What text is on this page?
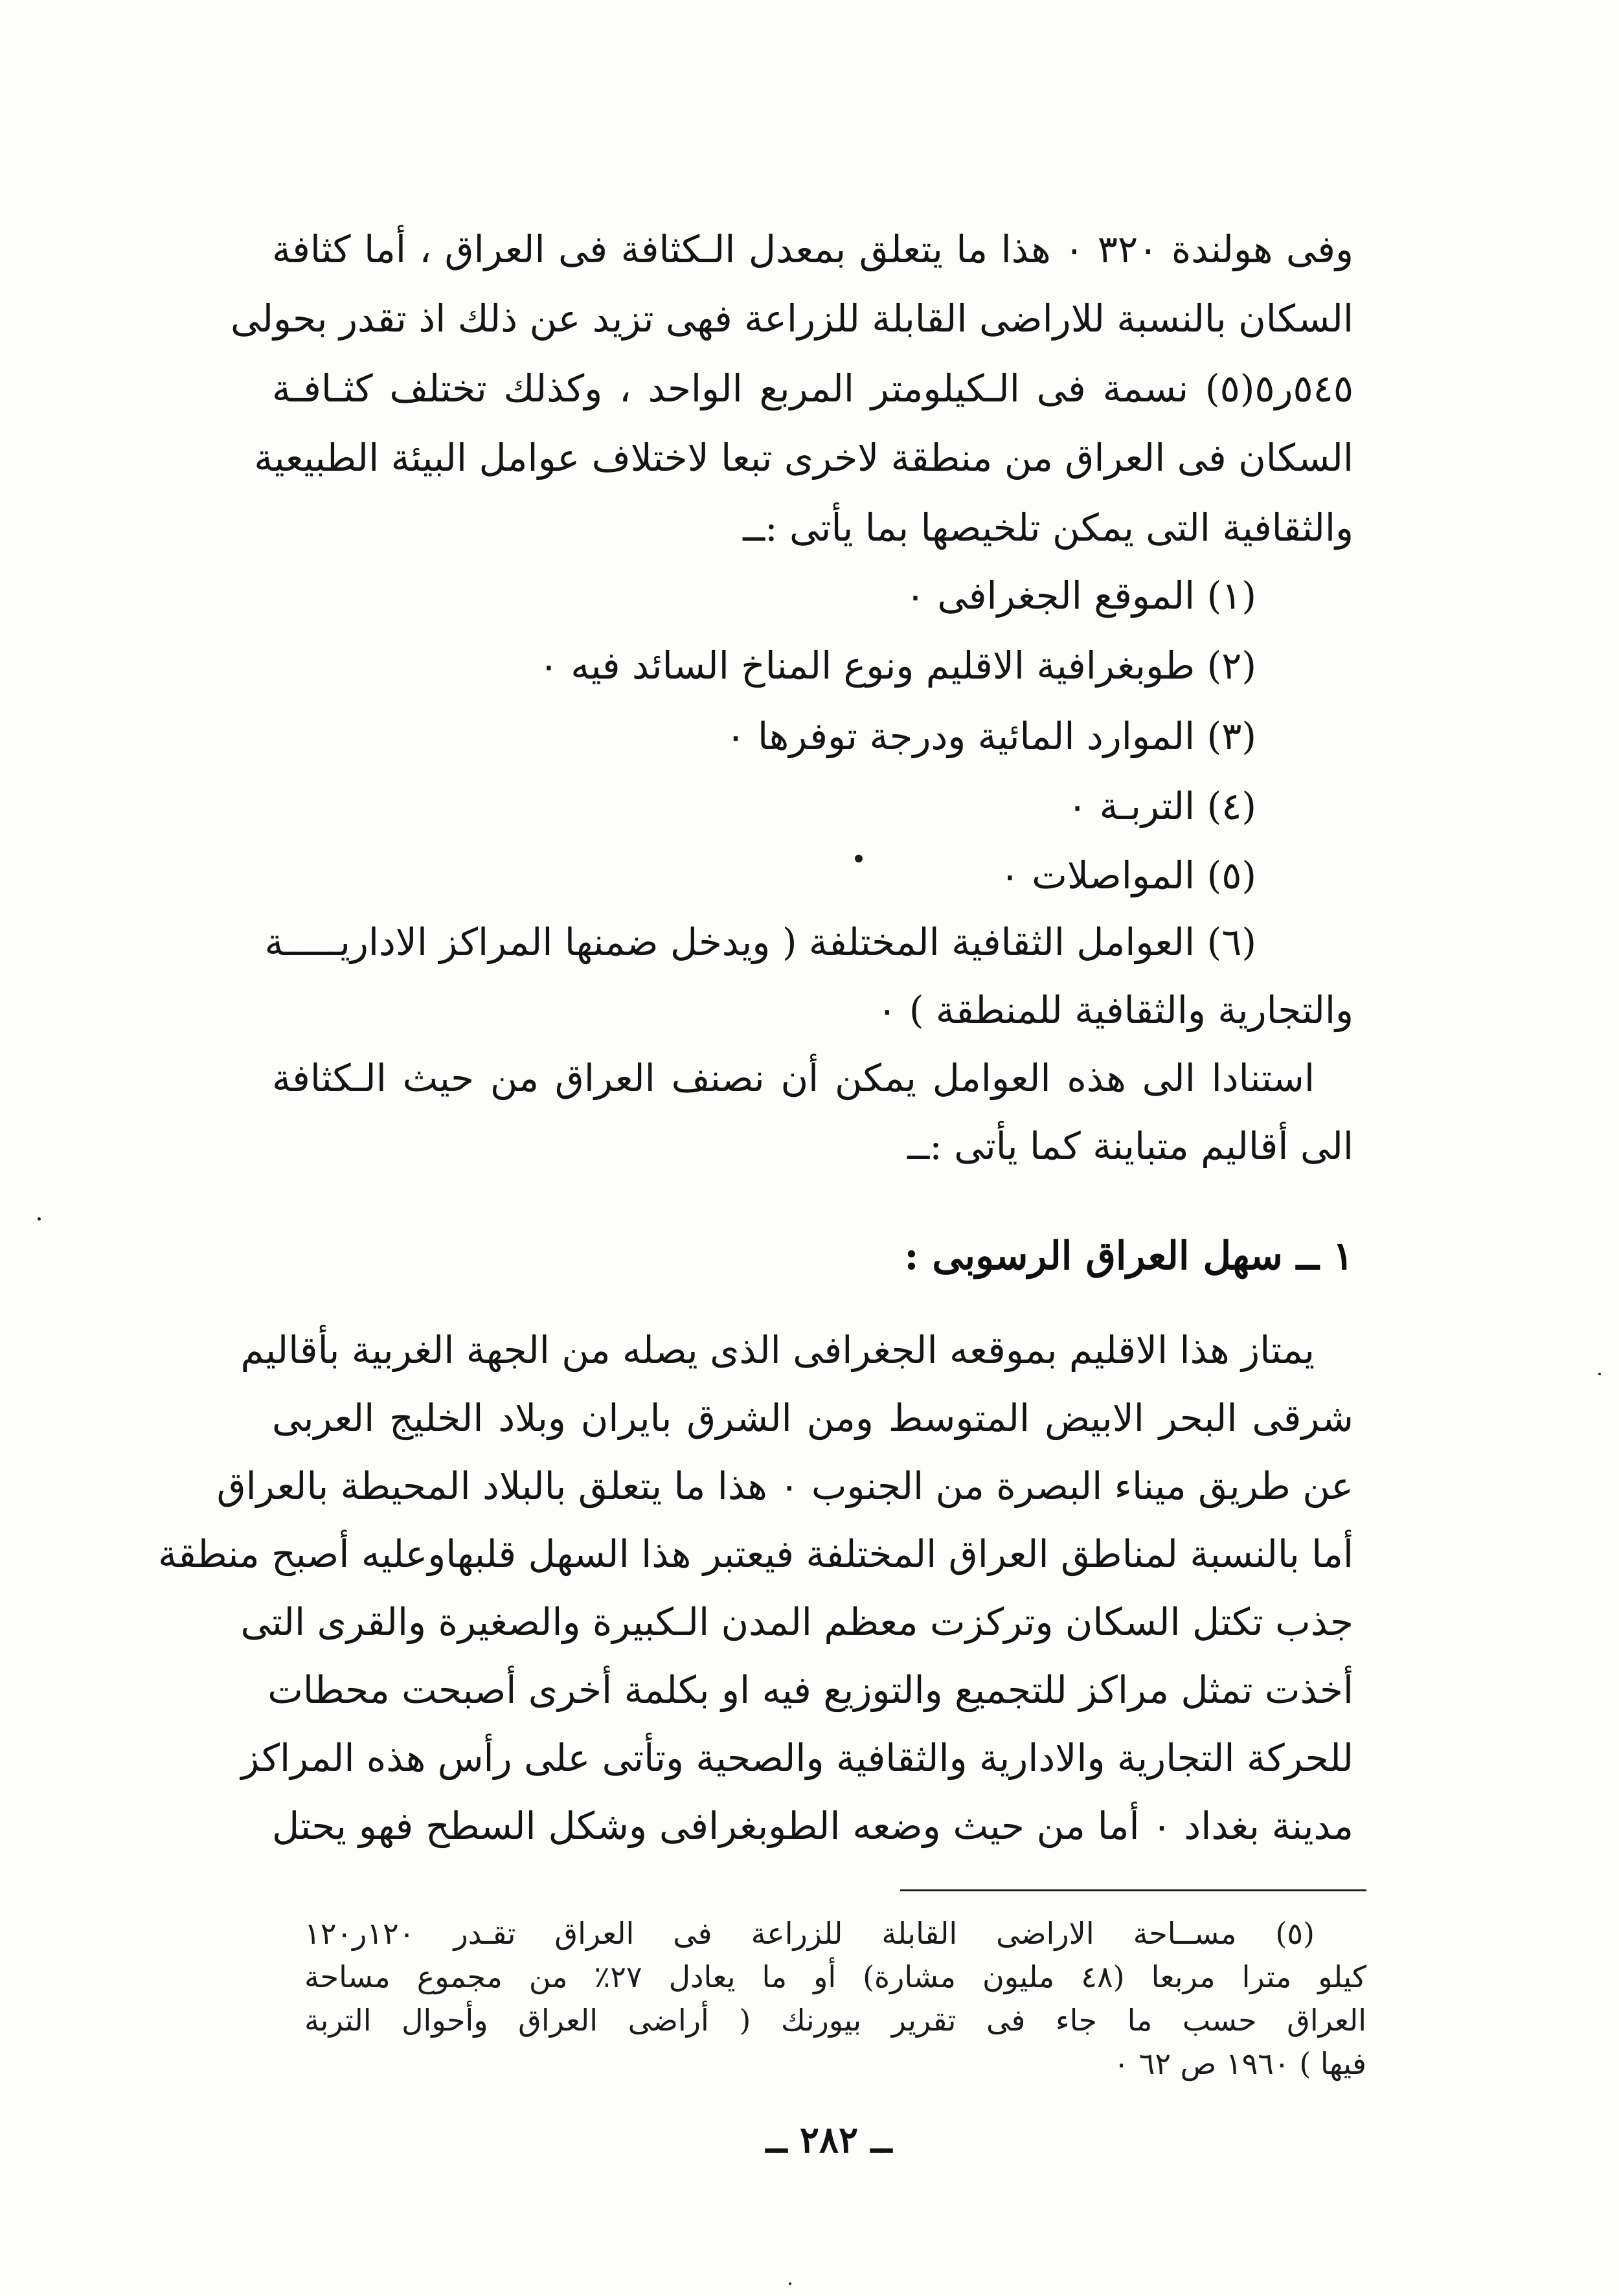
وفى هولندة ٣٢٠ ۰ هذا ما يتعلق بمعدل الـكثافة فى العراق ، أما كثافة
السكان بالنسبة للاراضى القابلة للزراعة فهى تزيد عن ذلك اذ تقدر بحولى
٥٤٥ر٥(٥) نسمة فى الـكيلومتر المربع الواحد ، وكذلك تختلف كثـافـة
السكان فى العراق من منطقة لاخرى تبعا لاختلاف عوامل البيئة الطبيعية
والثقافية التى يمكن تلخيصها بما يأتى :ــ
(١) الموقع الجغرافى ۰
(٢) طوبغرافية الاقليم ونوع المناخ السائد فيه ۰
(٣) الموارد المائية ودرجة توفرها ۰
(٤) التربـة ۰
(٥) المواصلات ۰
(٦) العوامل الثقافية المختلفة ( ويدخل ضمنها المراكز الاداريـــــة
والتجارية والثقافية للمنطقة ) ۰
استنادا الى هذه العوامل يمكن أن نصنف العراق من حيث الـكثافة
الى أقاليم متباينة كما يأتى :ــ
١ ــ سهل العراق الرسوبى :
يمتاز هذا الاقليم بموقعه الجغرافى الذى يصله من الجهة الغربية بأقاليم
شرقى البحر الابيض المتوسط ومن الشرق بايران وبلاد الخليج العربى
عن طريق ميناء البصرة من الجنوب ۰ هذا ما يتعلق بالبلاد المحيطة بالعراق
أما بالنسبة لمناطق العراق المختلفة فيعتبر هذا السهل قلبهاوعليه أصبح منطقة
جذب تكتل السكان وتركزت معظم المدن الـكبيرة والصغيرة والقرى التى
أخذت تمثل مراكز للتجميع والتوزيع فيه او بكلمة أخرى أصبحت محطات
للحركة التجارية والادارية والثقافية والصحية وتأتى على رأس هذه المراكز
مدينة بغداد ۰ أما من حيث وضعه الطوبغرافى وشكل السطح فهو يحتل
(٥) مســاحة الاراضى القابلة للزراعة فى العراق تقـدر ١٢٠ر١٢٠
كيلو مترا مربعا (٤٨ مليون مشارة) أو ما يعادل ٢٧٪ من مجموع مساحة
العراق حسب ما جاء فى تقرير بيورنك ( أراضى العراق وأحوال التربة
فيها ) ١٩٦٠ ص ٦٢ ۰
ــ ٢٨٢ ــ
